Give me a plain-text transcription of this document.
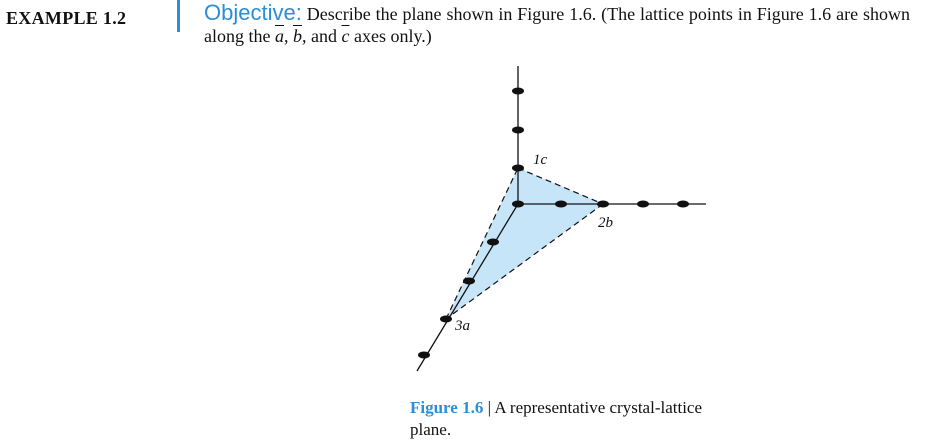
EXAMPLE 1.2	Objective: Describe the plane shown in Figure 1.6. (The lattice points in Figure 1.6 are shown along the $\overline{a}$, $\overline{b}$, and $\overline{c}$ axes only.)
1c
2b
3a
Figure 1.6 | A representative crystal-lattice plane.
